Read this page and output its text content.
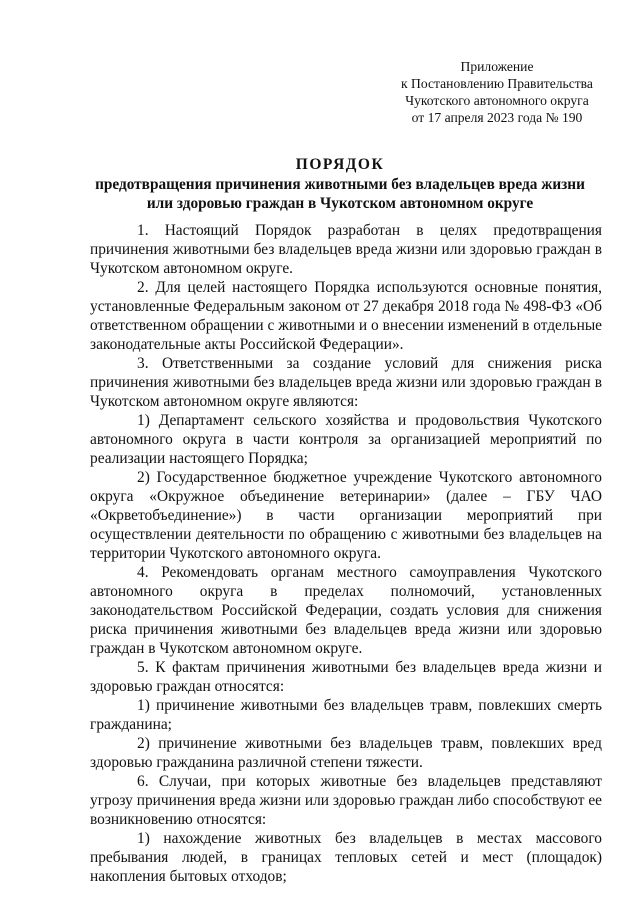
Приложение
к Постановлению Правительства
Чукотского автономного округа
от 17 апреля 2023 года № 190
ПОРЯДОК
предотвращения причинения животными без владельцев вреда жизни
или здоровью граждан в Чукотском автономном округе

1. Настоящий Порядок разработан в целях предотвращения причинения животными без владельцев вреда жизни или здоровью граждан в Чукотском автономном округе.

2. Для целей настоящего Порядка используются основные понятия, установленные Федеральным законом от 27 декабря 2018 года № 498-ФЗ «Об ответственном обращении с животными и о внесении изменений в отдельные законодательные акты Российской Федерации».

3. Ответственными за создание условий для снижения риска причинения животными без владельцев вреда жизни или здоровью граждан в Чукотском автономном округе являются:

1) Департамент сельского хозяйства и продовольствия Чукотского автономного округа в части контроля за организацией мероприятий по реализации настоящего Порядка;

2) Государственное бюджетное учреждение Чукотского автономного округа «Окружное объединение ветеринарии» (далее – ГБУ ЧАО «Окрветобъединение») в части организации мероприятий при осуществлении деятельности по обращению с животными без владельцев на территории Чукотского автономного округа.

4. Рекомендовать органам местного самоуправления Чукотского автономного округа в пределах полномочий, установленных законодательством Российской Федерации, создать условия для снижения риска причинения животными без владельцев вреда жизни или здоровью граждан в Чукотском автономном округе.

5. К фактам причинения животными без владельцев вреда жизни и здоровью граждан относятся:

1) причинение животными без владельцев травм, повлекших смерть гражданина;

2) причинение животными без владельцев травм, повлекших вред здоровью гражданина различной степени тяжести.

6. Случаи, при которых животные без владельцев представляют угрозу причинения вреда жизни или здоровью граждан либо способствуют ее возникновению относятся:

1) нахождение животных без владельцев в местах массового пребывания людей, в границах тепловых сетей и мест (площадок) накопления бытовых отходов;
